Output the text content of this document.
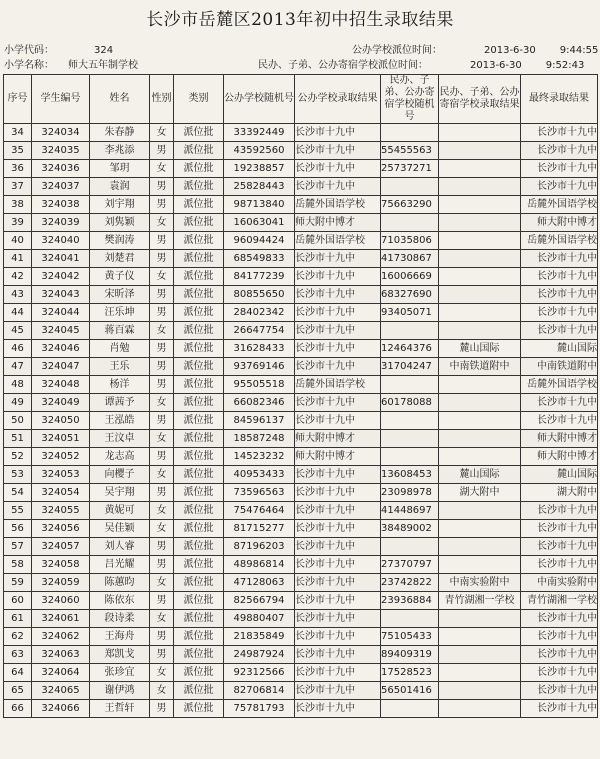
长沙市岳麓区2013年初中招生录取结果
小学代码：	324
小学名称： 师大五年制学校
公办学校派位时间：	2013-6-30 9:44:55
民办、子弟、公办寄宿学校派位时间：	2013-6-30 9:52:43
序号	学生编号	姓名	性别	类别	公办学校随机号	公办学校录取结果	民办、子弟、公办寄宿学校随机号	民办、子弟、公办寄宿学校录取结果	最终录取结果
34	324034	朱春静	女	派位批	33392449	长沙市十九中			长沙市十九中
35	324035	李兆添	男	派位批	43592560	长沙市十九中	55455563		长沙市十九中
36	324036	邹玥	女	派位批	19238857	长沙市十九中	25737271		长沙市十九中
37	324037	袁润	男	派位批	25828443	长沙市十九中			长沙市十九中
38	324038	刘宇翔	男	派位批	98713840	岳麓外国语学校	75663290		岳麓外国语学校
39	324039	刘隽颖	女	派位批	16063041	师大附中博才			师大附中博才
40	324040	樊润涛	男	派位批	96094424	岳麓外国语学校	71035806		岳麓外国语学校
41	324041	刘楚君	男	派位批	68549833	长沙市十九中	41730867		长沙市十九中
42	324042	黄子仪	女	派位批	84177239	长沙市十九中	16006669		长沙市十九中
43	324043	宋昕泽	男	派位批	80855650	长沙市十九中	68327690		长沙市十九中
44	324044	汪乐坤	男	派位批	28402342	长沙市十九中	93405071		长沙市十九中
45	324045	蒋百霖	女	派位批	26647754	长沙市十九中			长沙市十九中
46	324046	肖勉	男	派位批	31628433	长沙市十九中	12464376	麓山国际	麓山国际
47	324047	王乐	男	派位批	93769146	长沙市十九中	31704247	中南铁道附中	中南铁道附中
48	324048	杨洋	男	派位批	95505518	岳麓外国语学校			岳麓外国语学校
49	324049	谭茜予	女	派位批	66082346	长沙市十九中	60178088		长沙市十九中
50	324050	王泓皓	男	派位批	84596137	长沙市十九中			长沙市十九中
51	324051	王汶卓	女	派位批	18587248	师大附中博才			师大附中博才
52	324052	龙志高	男	派位批	14523232	师大附中博才			师大附中博才
53	324053	向樱子	女	派位批	40953433	长沙市十九中	13608453	麓山国际	麓山国际
54	324054	吴宇翔	男	派位批	73596563	长沙市十九中	23098978	湖大附中	湖大附中
55	324055	黄妮可	女	派位批	75476464	长沙市十九中	41448697		长沙市十九中
56	324056	吴佳颖	女	派位批	81715277	长沙市十九中	38489002		长沙市十九中
57	324057	刘人睿	男	派位批	87196203	长沙市十九中			长沙市十九中
58	324058	吕光耀	男	派位批	48986814	长沙市十九中	27370797		长沙市十九中
59	324059	陈蕙昀	女	派位批	47128063	长沙市十九中	23742822	中南实验附中	中南实验附中
60	324060	陈依东	男	派位批	82566794	长沙市十九中	23936884	青竹湖湘一学校	青竹湖湘一学校
61	324061	段诗柔	女	派位批	49880407	长沙市十九中			长沙市十九中
62	324062	王海舟	男	派位批	21835849	长沙市十九中	75105433		长沙市十九中
63	324063	郑凯戈	男	派位批	24987924	长沙市十九中	89409319		长沙市十九中
64	324064	张珍宜	女	派位批	92312566	长沙市十九中	17528523		长沙市十九中
65	324065	谢伊鸿	女	派位批	82706814	长沙市十九中	56501416		长沙市十九中
66	324066	王哲轩	男	派位批	75781793	长沙市十九中			长沙市十九中
